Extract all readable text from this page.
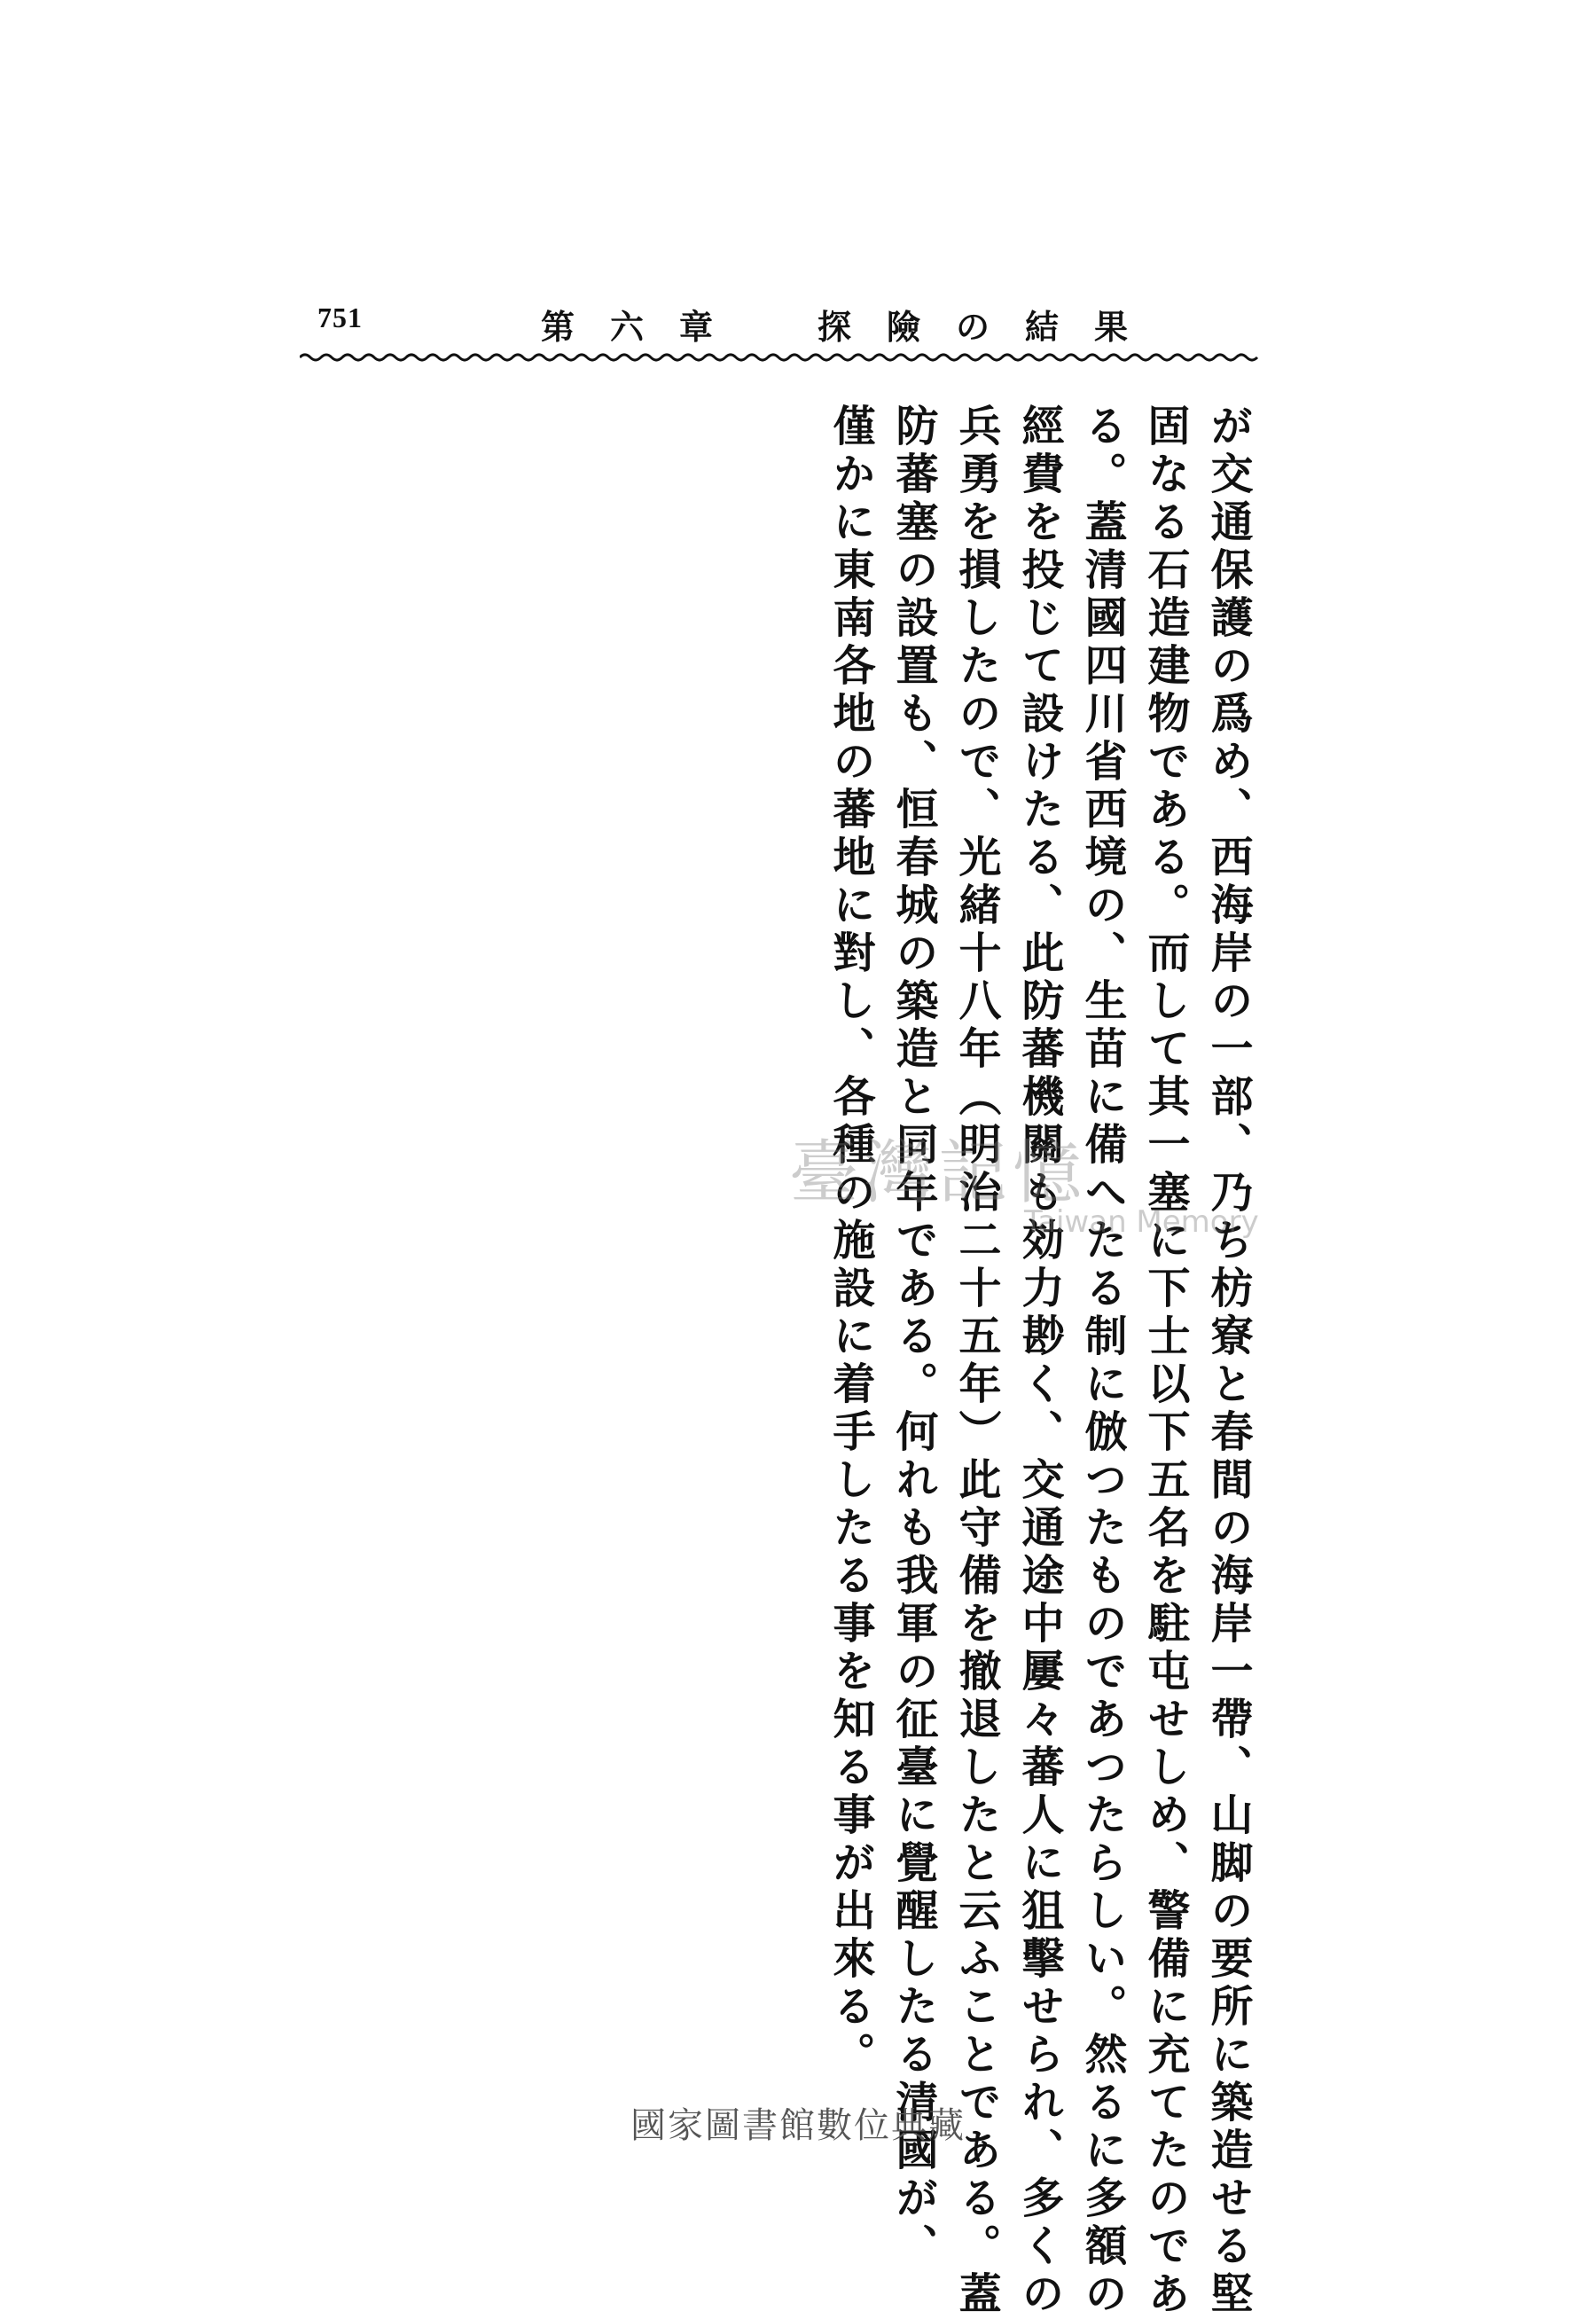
751	第六章　探險の結果
が交通保護の爲め、西海岸の一部、乃ち枋寮と春間の海岸一帶、山脚の要所に築造せる堅
固なる石造建物である。而して其一塞に下士以下五名を駐屯せしめ、警備に充てたのであ
る。蓋清國四川省西境の、生苗に備へたる制に倣つたものであつたらしい。然るに多額の
經費を投じて設けたる、此防蕃機關も効力尠く、交通途中屢々蕃人に狙擊せられ、多くの
兵勇を損したので、光緒十八年（明治二十五年）此守備を撤退したと云ふことである。蓋
防蕃塞の設置も、恒春城の築造と同年である。何れも我軍の征臺に覺醒したる清國が、
僅かに東南各地の蕃地に對し、各種の施設に着手したる事を知る事が出來る。
臺灣記憶
Taiwan Memory
國家圖書館數位典藏
